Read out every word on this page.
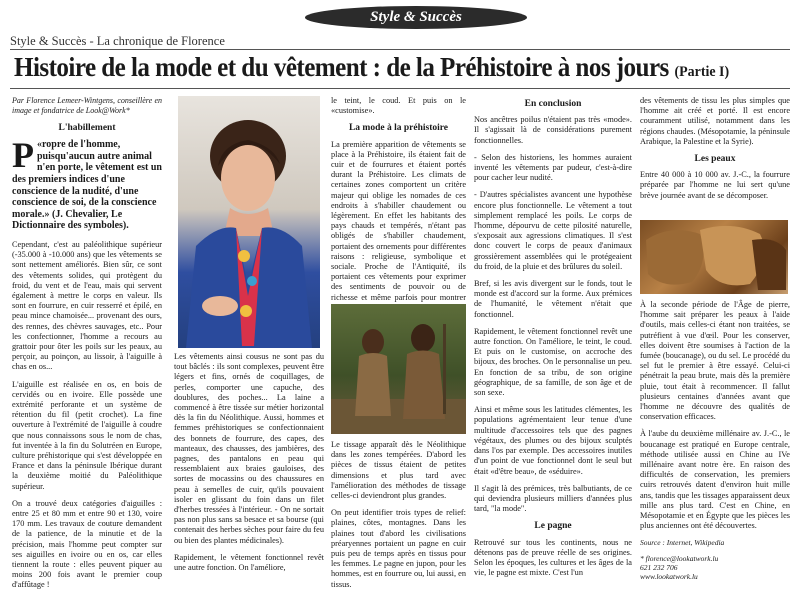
Style & Succès
Style & Succès - La chronique de Florence
Histoire de la mode et du vêtement : de la Préhistoire à nos jours (Partie I)

Par Florence Lemeer-Wintgens, conseillère en image et fondatrice de Look@Work*

L'habillement

«
P ropre de l'homme, puisqu'aucun autre animal n'en porte, le vêtement est un des premiers indices d'une conscience de la nudité, d'une conscience de soi, de la conscience morale.» (J. Chevalier, Le Dictionnaire des symboles).

Cependant, c'est au paléolithique supérieur (-35.000 à -10.000 ans) que les vêtements se sont nettement améliorés. Bien sûr, ce sont des vêtements solides, qui protègent du froid, du vent et de l'eau, mais qui servent également à mettre le corps en valeur. Ils sont en fourrure, en cuir resserré et épilé, en peau mince chamoisée... provenant des ours, des rennes, des chèvres sauvages, etc.. Pour les confectionner, l'homme a recours au grattoir pour ôter les poils sur les peaux, au perçoir, au poinçon, au lissoir, à l'aiguille à chas en os...

L'aiguille est réalisée en os, en bois de cervidés ou en ivoire. Elle possède une extrémité perforante et un système de rétention du fil (petit crochet). La fine ouverture à l'extrémité de l'aiguille à coudre que nous connaissons sous le nom de chas, fut inventée à la fin du Solutréen en Europe, culture préhistorique qui s'est développée en France et dans la péninsule Ibérique durant la deuxième moitié du Paléolithique supérieur.

On a trouvé deux catégories d'aiguilles : entre 25 et 80 mm et entre 90 et 130, voire 170 mm. Les travaux de couture demandent de la patience, de la minutie et de la précision, mais l'homme peut compter sur ses aiguilles en ivoire ou en os, car elles tiennent la route : elles peuvent piquer au moins 200 fois avant le premier coup d'affûtage !

Les vêtements ainsi cousus ne sont pas du tout bâclés : ils sont complexes, peuvent être légers et fins, ornés de coquillages, de perles, comporter une capuche, des doublures, des poches... La laine a commencé à être tissée sur métier horizontal dès la fin du Néolithique. Aussi, hommes et femmes préhistoriques se confectionnaient des bonnets de fourrure, des capes, des manteaux, des chausses, des jambières, des pagnes, des pantalons en peau qui ressemblaient aux braies gauloises, des sortes de mocassins ou des chaussures en peau à semelles de cuir, qu'ils pouvaient isoler en glissant du foin dans un filet d'herbes tressées à l'intérieur. - On ne sortait pas non plus sans sa besace et sa bourse (qui contenait des herbes sèches pour faire du feu ou bien des plantes médicinales).

Rapidement, le vêtement fonctionnel revêt une autre fonction. On l'améliore,

le teint, le coud. Et puis on le «customise».

La mode à la préhistoire

La première apparition de vêtements se place à la Préhistoire, ils étaient fait de cuir et de fourrures et étaient portés durant la Préhistoire. Les climats de certaines zones comportent un critère majeur qui oblige les nomades de ces endroits à s'habiller chaudement ou légèrement. En effet les habitants des pays chauds et tempérés, n'étant pas obligés de s'habiller chaudement, portaient des ornements pour différentes raisons : religieuse, symbolique et sociale. Proche de l'Antiquité, ils portaient ces vêtements pour exprimer des sentiments de pouvoir ou de richesse et même parfois pour montrer

Le tissage apparaît dès le Néolithique dans les zones tempérées. D'abord les pièces de tissus étaient de petites dimensions et plus tard avec l'amélioration des méthodes de tissage celles-ci deviendront plus grandes.

On peut identifier trois types de relief: plaines, côtes, montagnes. Dans les plaines tout d'abord les civilisations préaryennes portaient un pagne en cuir puis peu de temps après en tissus pour les femmes. Le pagne en jupon, pour les hommes, est en fourrure ou, lui aussi, en tissus.

En conclusion

Nos ancêtres poilus n'étaient pas très «mode». Il s'agissait là de considérations purement fonctionnelles.

- Selon des historiens, les hommes auraient inventé les vêtements par pudeur, c'est-à-dire pour cacher leur nudité.

- D'autres spécialistes avancent une hypothèse encore plus fonctionnelle. Le vêtement a tout simplement remplacé les poils. Le corps de l'homme, dépourvu de cette pilosité naturelle, s'exposait aux agressions climatiques. Il s'est donc couvert le corps de peaux d'animaux grossièrement assemblées qui le protégeaient du froid, de la pluie et des brûlures du soleil.

Bref, si les avis divergent sur le fonds, tout le monde est d'accord sur la forme. Aux prémices de l'humanité, le vêtement n'était que fonctionnel.

Rapidement, le vêtement fonctionnel revêt une autre fonction. On l'améliore, le teint, le coud. Et puis on le customise, on accroche des bijoux, des broches. On le personnalise un peu. En fonction de sa tribu, de son origine géographique, de sa famille, de son âge et de son sexe.

Ainsi et même sous les latitudes clémentes, les populations agrémentaient leur tenue d'une multitude d'accessoires tels que des pagnes végétaux, des plumes ou des bijoux sculptés dans l'os par exemple. Des accessoires inutiles d'un point de vue fonctionnel dont le seul but était «d'être beau», de «séduire».

Il s'agit là des prémices, très balbutiants, de ce qui deviendra plusieurs milliers d'années plus tard, "la mode".

Le pagne

Retrouvé sur tous les continents, nous ne détenons pas de preuve réelle de ses origines. Selon les époques, les cultures et les âges de la vie, le pagne est mixte. C'est l'un

des vêtements de tissu les plus simples que l'homme ait créé et porté. Il est encore couramment utilisé, notamment dans les régions chaudes. (Mésopotamie, la péninsule Arabique, la Palestine et la Syrie).

Les peaux

Entre 40 000 à 10 000 av. J.-C., la fourrure préparée par l'homme ne lui sert qu'une brève journée avant de se décomposer.

À la seconde période de l'Âge de pierre, l'homme sait préparer les peaux à l'aide d'outils, mais celles-ci étant non traitées, se putréfient à vue d'œil. Pour les conserver, elles doivent être soumises à l'action de la fumée (boucanage), ou du sel. Le procédé du sel fut le premier à être essayé. Celui-ci pénétrait la peau brute, mais dès la première pluie, tout était à recommencer. Il fallut plusieurs centaines d'années avant que l'homme ne découvre des qualités de conservation efficaces.

À l'aube du deuxième millénaire av. J.-C., le boucanage est pratiqué en Europe centrale, méthode utilisée aussi en Chine au IVe millénaire avant notre ère. En raison des difficultés de conservation, les premiers cuirs retrouvés datent d'environ huit mille ans, tandis que les tissages apparaissent deux mille ans plus tard. C'est en Chine, en Mésopotamie et en Égypte que les pièces les plus anciennes ont été découvertes.

Source : Internet, Wikipedia

* florence@lookatwork.lu

621 232 706

www.lookatwork.lu
